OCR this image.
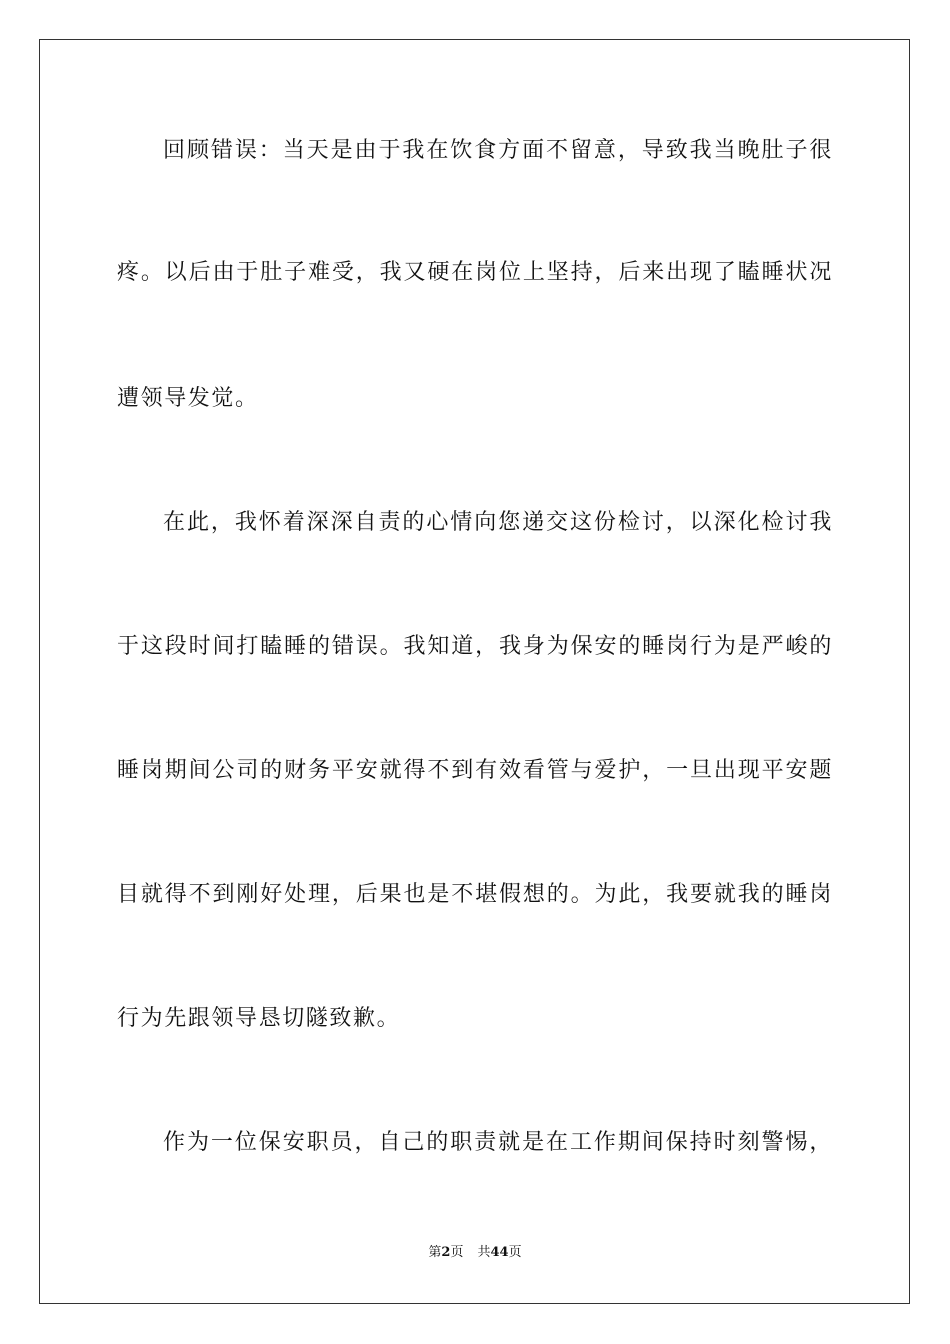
回顾错误：当天是由于我在饮食方面不留意，导致我当晚肚子很
疼。以后由于肚子难受，我又硬在岗位上坚持，后来出现了瞌睡状况
遭领导发觉。
在此，我怀着深深自责的心情向您递交这份检讨，以深化检讨我
于这段时间打瞌睡的错误。我知道，我身为保安的睡岗行为是严峻的
睡岗期间公司的财务平安就得不到有效看管与爱护，一旦出现平安题
目就得不到刚好处理，后果也是不堪假想的。为此，我要就我的睡岗
行为先跟领导恳切隧致歉。
作为一位保安职员，自己的职责就是在工作期间保持时刻警惕，
第2页 共44页
